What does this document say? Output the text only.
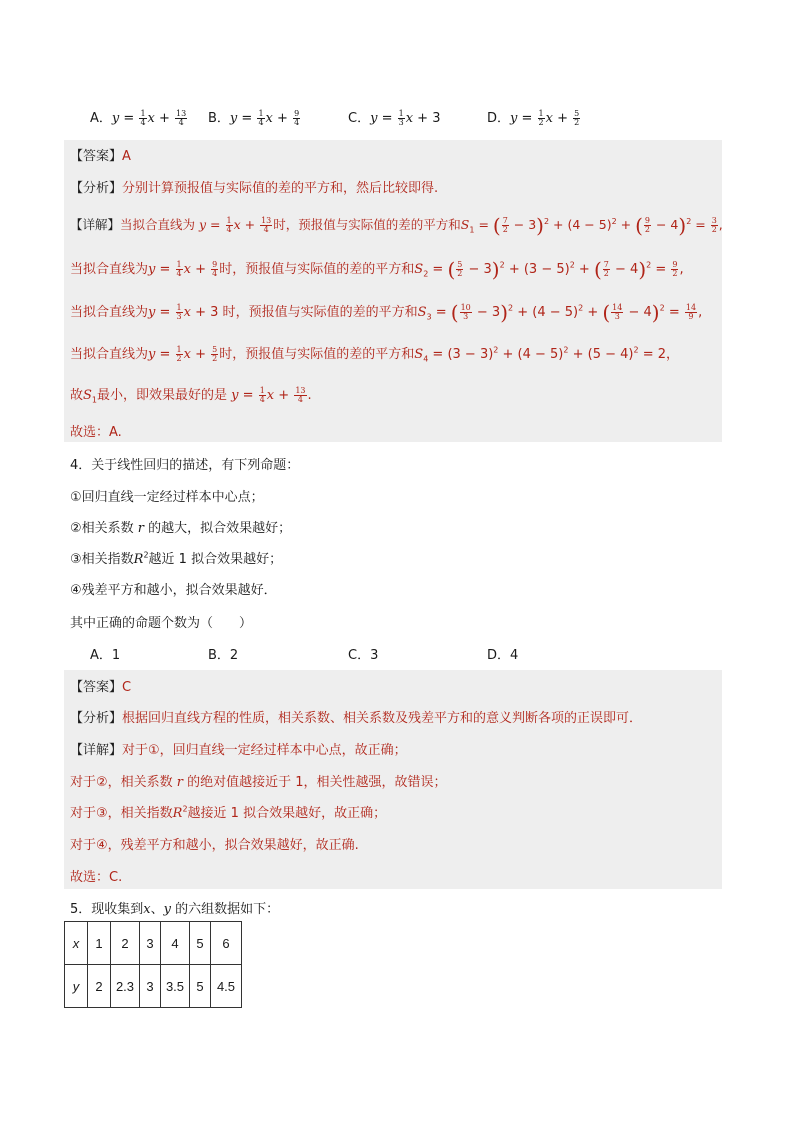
A．$y = \frac{1}{4}$ $x + \frac{13}{4}$ B．$y = \frac{1}{4}$ $x + \frac{9}{4}$	C．$y = \frac{1}{3}$ x + 3	D．$y = \frac{1}{2}$ $x + \frac{5}{2}$
【答案】A
【分析】分别计算预报值与实际值的差的平方和，然后比较即得.
【详解】当拟合直线为 $y = \frac{1}{4}$ $x + \frac{13}{4}$ 时，预报值与实际值的差的平方和$S_1$ = ( $\frac{7}{2} - 3)^2 + (4 - 5)^2$ + ( $\frac{9}{2} - 4)^2 = \frac{3}{2}$ ,
当拟合直线为$y = \frac{1}{4}$ $x + \frac{9}{4}$ 时，预报值与实际值的差的平方和$S_2$ = ( $\frac{5}{2} - 3)^2 + (3 - 5)^2$ + ( $\frac{7}{2} - 4)^2 = \frac{9}{2}$ ,
当拟合直线为$y = \frac{1}{3}$ x + 3 时，预报值与实际值的差的平方和$S_3$ = ( $\frac{10}{3} - 3)^2 + (4 - 5)^2$ + ( $\frac{14}{3} - 4)^2 = \frac{14}{9}$ ,
当拟合直线为$y = \frac{1}{2}$ $x + \frac{5}{2}$ 时，预报值与实际值的差的平方和$S_4 = (3 - 3)^2 + (4 - 5)^2 + (5 - 4)^2 = 2$，
故$S_1$最小，即效果最好的是 $y = \frac{1}{4}$ $x + \frac{13}{4}$ .
故选：A.
4．关于线性回归的描述，有下列命题：
①回归直线一定经过样本中心点；
②相关系数 r 的越大，拟合效果越好；
③相关指数$R^2$越近 1 拟合效果越好；
④残差平方和越小，拟合效果越好．
其中正确的命题个数为（　　）
A．1	B．2	C．3	D．4
【答案】C
【分析】根据回归直线方程的性质，相关系数、相关系数及残差平方和的意义判断各项的正误即可．
【详解】对于①，回归直线一定经过样本中心点，故正确；
对于②，相关系数 r 的绝对值越接近于 1，相关性越强，故错误；
对于③，相关指数$R^2$越接近 1 拟合效果越好，故正确；
对于④，残差平方和越小，拟合效果越好，故正确.
故选：C.
5．现收集到x、y 的六组数据如下：
x	1	2	3	4	5	6
y	2	2.3	3	3.5	5	4.5
